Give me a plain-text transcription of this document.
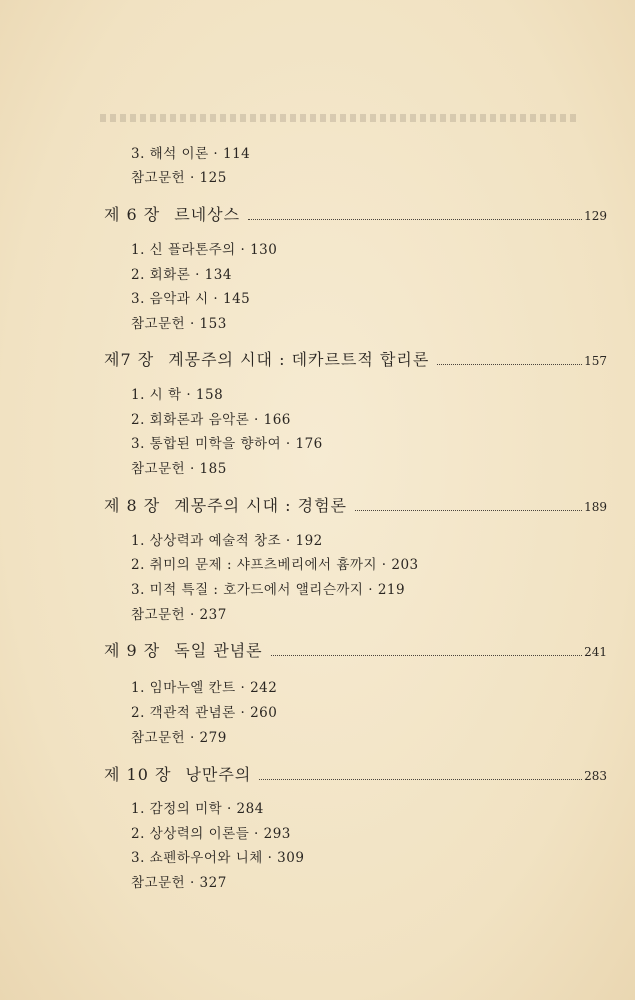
3. 해석 이론 · 114
참고문헌 · 125
제 6 장 르네상스	129
1. 신 플라톤주의 · 130
2. 회화론 · 134
3. 음악과 시 · 145
참고문헌 · 153
제7 장 계몽주의 시대 : 데카르트적 합리론	157
1. 시 학 · 158
2. 회화론과 음악론 · 166
3. 통합된 미학을 향하여 · 176
참고문헌 · 185
제 8 장 계몽주의 시대 : 경험론	189
1. 상상력과 예술적 창조 · 192
2. 취미의 문제 : 샤프츠베리에서 흄까지 · 203
3. 미적 특질 : 호가드에서 앨리슨까지 · 219
참고문헌 · 237
제 9 장 독일 관념론	241
1. 임마누엘 칸트 · 242
2. 객관적 관념론 · 260
참고문헌 · 279
제 10 장 낭만주의	283
1. 감정의 미학 · 284
2. 상상력의 이론들 · 293
3. 쇼펜하우어와 니체 · 309
참고문헌 · 327
